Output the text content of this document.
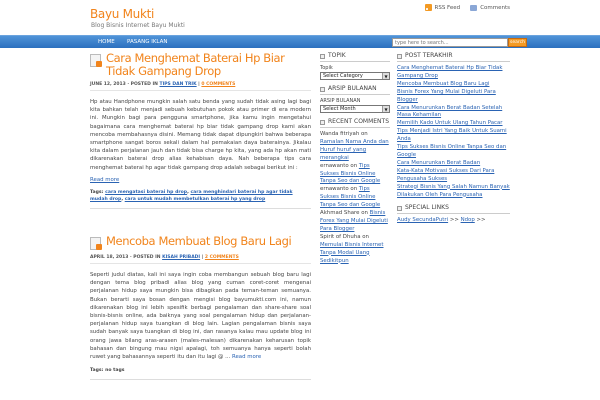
Bayu Mukti
Blog Bisnis Internet Bayu Mukti
RSS Feed	Comments
HOME PASANG IKLAN
type here to search...	search
Cara Menghemat Baterai Hp Biar Tidak Gampang Drop
JUNE 12, 2013 · POSTED IN TIPS DAN TRIK | 0 COMMENTS

Hp atau Handphone mungkin salah satu benda yang sudah tidak asing lagi bagi kita bahkan telah menjadi sebuah kebutuhan pokok atau primer di era modern ini. Mungkin bagi para pengguna smartphone, jika kamu ingin mengetahui bagaimana cara menghemat baterai hp biar tidak gampang drop kami akan mencoba membahasnya disini. Memang tidak dapat dipungkiri bahwa beberapa smartphone sangat boros sekali dalam hal pemakaian daya baterainya. Jikalau kita dalam perjalanan jauh dan tidak bisa charge hp kita, yang ada hp akan mati dikarenakan baterai drop alias kehabisan daya. Nah beberapa tips cara menghemat baterai hp agar tidak gampang drop adalah sebagai berikut ini :

Read more
Tags: cara mengatasi baterai hp drop, cara menghindari baterai hp agar tidak mudah drop, cara untuk mudah membetulkan baterai hp yang drop
Mencoba Membuat Blog Baru Lagi
APRIL 18, 2013 · POSTED IN KISAH PRIBADI | 2 COMMENTS

Seperti judul diatas, kali ini saya ingin coba membangun sebuah blog baru lagi dengan tema blog pribadi alias blog yang cuman coret-coret mengenai perjalanan hidup saya mungkin bisa dibagikan pada teman-teman semuanya. Bukan berarti saya bosan dengan mengisi blog bayumukti.com ini, namun dikarenakan blog ini lebih spesifik berbagi pengalaman dan share-share soal bisnis-bisnis online, ada baiknya yang soal pengalaman hidup dan perjalanan-perjalanan hidup saya tuangkan di blog lain. Lagian pengalaman bisnis saya sudah banyak saya tuangkan di blog ini, dan rasanya kalau mau update blog ini orang jawa bilang aras-arasen (males-malesan) dikarenakan keharusan topik bahasan dan bingung mau nigsi apalagi, toh semuanya hanya seperti bolah ruwet yang bahasannya seperti itu dan itu lagi @ ... Read more

Tags: no tags
TOPIK
Topik
Select Category	▼
ARSIP BULANAN
ARSIP BULANAN
Select Month	▼
RECENT COMMENTS
Wanda fitriyah on Ramalan Nama Anda dan Huruf huruf yang merangkai
ernawanto on Tips Sukses Bisnis Online Tanpa Seo dan Google
ernawanto on Tips Sukses Bisnis Online Tanpa Seo dan Google
Akhmad Share on Bisnis Forex Yang Mulai Digeluti Para Blogger
Spirit of Dhuha on Memulai Bisnis Internet Tanpa Modal Uang Sedikitpun
POST TERAKHIR
Cara Menghemat Baterai Hp Biar Tidak Gampang Drop
Mencoba Membuat Blog Baru Lagi
Bisnis Forex Yang Mulai Digeluti Para Blogger
Cara Menurunkan Berat Badan Setelah Masa Kehamilan
Memilih Kado Untuk Ulang Tahun Pacar
Tips Menjadi Istri Yang Baik Untuk Suami Anda
Tips Sukses Bisnis Online Tanpa Seo dan Google
Cara Menurunkan Berat Badan
Kata-Kata Motivasi Sukses Dari Para Pengusaha Sukses
Strategi Bisnis Yang Salah Namun Banyak Dilakukan Oleh Para Pengusaha
SPECIAL LINKS
Audy SecundaPutri >> Ndop >>
